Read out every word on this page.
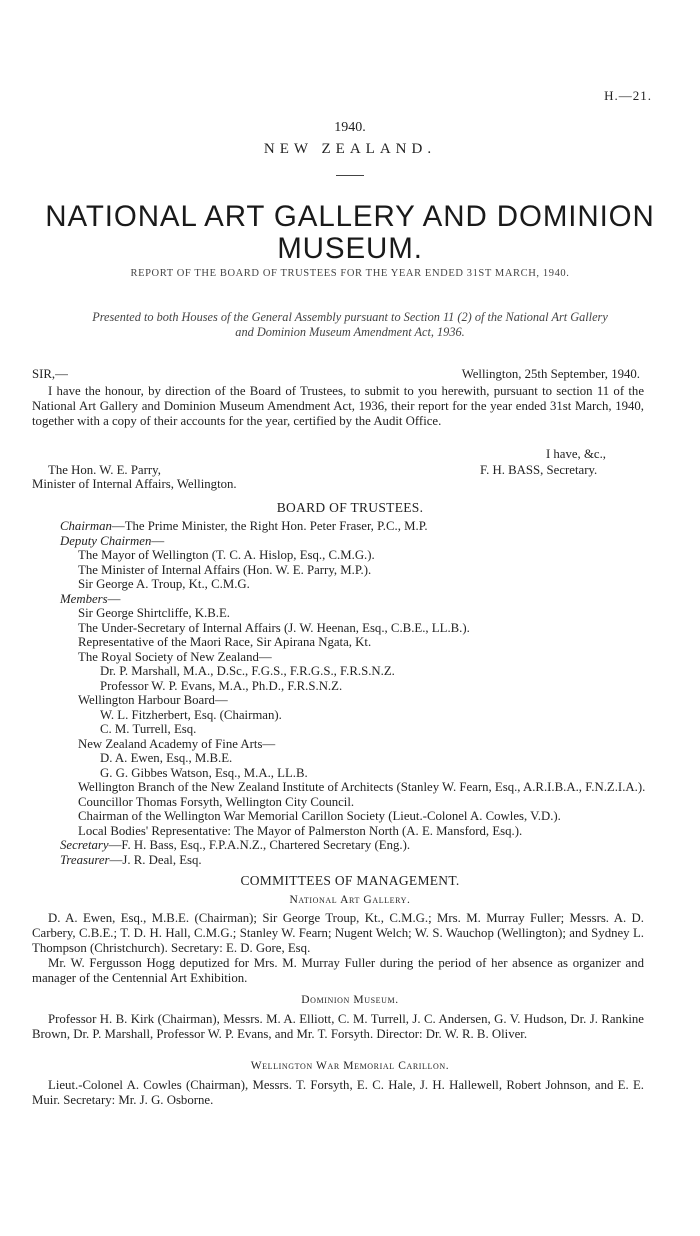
H.—21.
1940.
NEW ZEALAND.
NATIONAL ART GALLERY AND DOMINION
MUSEUM.
REPORT OF THE BOARD OF TRUSTEES FOR THE YEAR ENDED 31ST MARCH, 1940.
Presented to both Houses of the General Assembly pursuant to Section 11 (2) of the National Art Gallery
and Dominion Museum Amendment Act, 1936.
SIR,—	Wellington, 25th September, 1940.

I have the honour, by direction of the Board of Trustees, to submit to you herewith, pursuant to section 11 of the National Art Gallery and Dominion Museum Amendment Act, 1936, their report for the year ended 31st March, 1940, together with a copy of their accounts for the year, certified by the Audit Office.

I have, &c.,
The Hon. W. E. Parry,	F. H. BASS, Secretary.
Minister of Internal Affairs, Wellington.
BOARD OF TRUSTEES.
Chairman—The Prime Minister, the Right Hon. Peter Fraser, P.C., M.P.
Deputy Chairmen—
The Mayor of Wellington (T. C. A. Hislop, Esq., C.M.G.).
The Minister of Internal Affairs (Hon. W. E. Parry, M.P.).
Sir George A. Troup, Kt., C.M.G.
Members—
Sir George Shirtcliffe, K.B.E.
The Under-Secretary of Internal Affairs (J. W. Heenan, Esq., C.B.E., LL.B.).
Representative of the Maori Race, Sir Apirana Ngata, Kt.
The Royal Society of New Zealand—
Dr. P. Marshall, M.A., D.Sc., F.G.S., F.R.G.S., F.R.S.N.Z.
Professor W. P. Evans, M.A., Ph.D., F.R.S.N.Z.
Wellington Harbour Board—
W. L. Fitzherbert, Esq. (Chairman).
C. M. Turrell, Esq.
New Zealand Academy of Fine Arts—
D. A. Ewen, Esq., M.B.E.
G. G. Gibbes Watson, Esq., M.A., LL.B.
Wellington Branch of the New Zealand Institute of Architects (Stanley W. Fearn, Esq., A.R.I.B.A., F.N.Z.I.A.).
Councillor Thomas Forsyth, Wellington City Council.
Chairman of the Wellington War Memorial Carillon Society (Lieut.-Colonel A. Cowles, V.D.).
Local Bodies' Representative: The Mayor of Palmerston North (A. E. Mansford, Esq.).
Secretary—F. H. Bass, Esq., F.P.A.N.Z., Chartered Secretary (Eng.).
Treasurer—J. R. Deal, Esq.
COMMITTEES OF MANAGEMENT.
National Art Gallery.

D. A. Ewen, Esq., M.B.E. (Chairman); Sir George Troup, Kt., C.M.G.; Mrs. M. Murray Fuller; Messrs. A. D. Carbery, C.B.E.; T. D. H. Hall, C.M.G.; Stanley W. Fearn; Nugent Welch; W. S. Wauchop (Wellington); and Sydney L. Thompson (Christchurch). Secretary: E. D. Gore, Esq.

Mr. W. Fergusson Hogg deputized for Mrs. M. Murray Fuller during the period of her absence as organizer and manager of the Centennial Art Exhibition.

Dominion Museum.

Professor H. B. Kirk (Chairman), Messrs. M. A. Elliott, C. M. Turrell, J. C. Andersen, G. V. Hudson, Dr. J. Rankine Brown, Dr. P. Marshall, Professor W. P. Evans, and Mr. T. Forsyth. Director: Dr. W. R. B. Oliver.

Wellington War Memorial Carillon.

Lieut.-Colonel A. Cowles (Chairman), Messrs. T. Forsyth, E. C. Hale, J. H. Hallewell, Robert Johnson, and E. E. Muir. Secretary: Mr. J. G. Osborne.
